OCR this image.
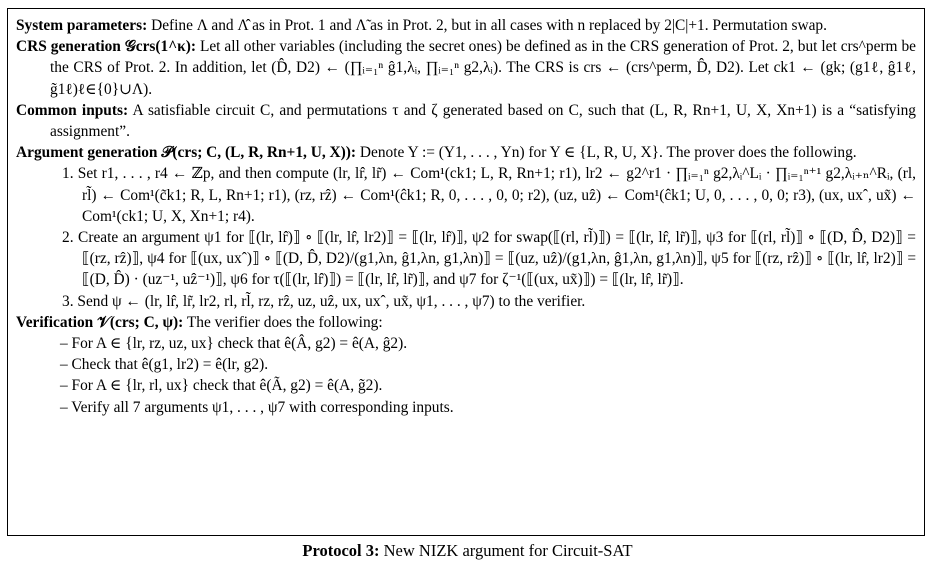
System parameters: Define Λ and Λ̂ as in Prot. 1 and Λ̃ as in Prot. 2, but in all cases with n replaced by 2|C|+1. Permutation swap.
CRS generation 𝒢crs(1^κ): Let all other variables (including the secret ones) be defined as in the CRS generation of Prot. 2, but let crs^perm be the CRS of Prot. 2. In addition, let (D̂, D2) ← (∏ᵢ₌₁ⁿ ĝ1,λᵢ, ∏ᵢ₌₁ⁿ g2,λᵢ). The CRS is crs ← (crs^perm, D̂, D2). Let ck1 ← (gk; (g1ℓ, ĝ1ℓ, g̃1ℓ)ℓ∈{0}∪Λ).
Common inputs: A satisfiable circuit C, and permutations τ and ζ generated based on C, such that (L, R, Rn+1, U, X, Xn+1) is a “satisfying assignment”.
Argument generation 𝒫(crs; C, (L, R, Rn+1, U, X)): Denote Y := (Y1, . . . , Yn) for Y ∈ {L, R, U, X}. The prover does the following.
1. Set r1, . . . , r4 ← ℤp, and then compute (lr, lr̂, lr̃) ← Com¹(ck1; L, R, Rn+1; r1), lr2 ← g2^r1 · ∏ᵢ₌₁ⁿ g2,λᵢ^Lᵢ · ∏ᵢ₌₁ⁿ⁺¹ g2,λᵢ₊ₙ^Rᵢ, (rl, rl̃) ← Com¹(c̃k1; R, L, Rn+1; r1), (rz, rẑ) ← Com¹(ĉk1; R, 0, . . . , 0, 0; r2), (uz, uẑ) ← Com¹(ĉk1; U, 0, . . . , 0, 0; r3), (ux, uxˆ, ux̃) ← Com¹(ck1; U, X, Xn+1; r4).
2. Create an argument ψ1 for ⟦(lr, lr̂)⟧ ∘ ⟦(lr, lr̂, lr2)⟧ = ⟦(lr, lr̂)⟧, ψ2 for swap(⟦(rl, rl̃)⟧) = ⟦(lr, lr̂, lr̃)⟧, ψ3 for ⟦(rl, rl̃)⟧ ∘ ⟦(D, D̂, D2)⟧ = ⟦(rz, rẑ)⟧, ψ4 for ⟦(ux, uxˆ)⟧ ∘ ⟦(D, D̂, D2)/(g1,λn, ĝ1,λn, g1,λn)⟧ = ⟦(uz, uẑ)/(g1,λn, ĝ1,λn, g1,λn)⟧, ψ5 for ⟦(rz, rẑ)⟧ ∘ ⟦(lr, lr̂, lr2)⟧ = ⟦(D, D̂) · (uz⁻¹, uẑ⁻¹)⟧, ψ6 for τ(⟦(lr, lr̂)⟧) = ⟦(lr, lr̂, lr̃)⟧, and ψ7 for ζ⁻¹(⟦(ux, ux̃)⟧) = ⟦(lr, lr̂, lr̃)⟧.
3. Send ψ ← (lr, lr̂, lr̃, lr2, rl, rl̃, rz, rẑ, uz, uẑ, ux, uxˆ, ux̃, ψ1, . . . , ψ7) to the verifier.
Verification 𝒱(crs; C, ψ): The verifier does the following:
– For A ∈ {lr, rz, uz, ux} check that ê(Â, g2) = ê(A, ĝ2).
– Check that ê(g1, lr2) = ê(lr, g2).
– For A ∈ {lr, rl, ux} check that ê(Ã, g2) = ê(A, g̃2).
– Verify all 7 arguments ψ1, . . . , ψ7 with corresponding inputs.
Protocol 3: New NIZK argument for Circuit-SAT
